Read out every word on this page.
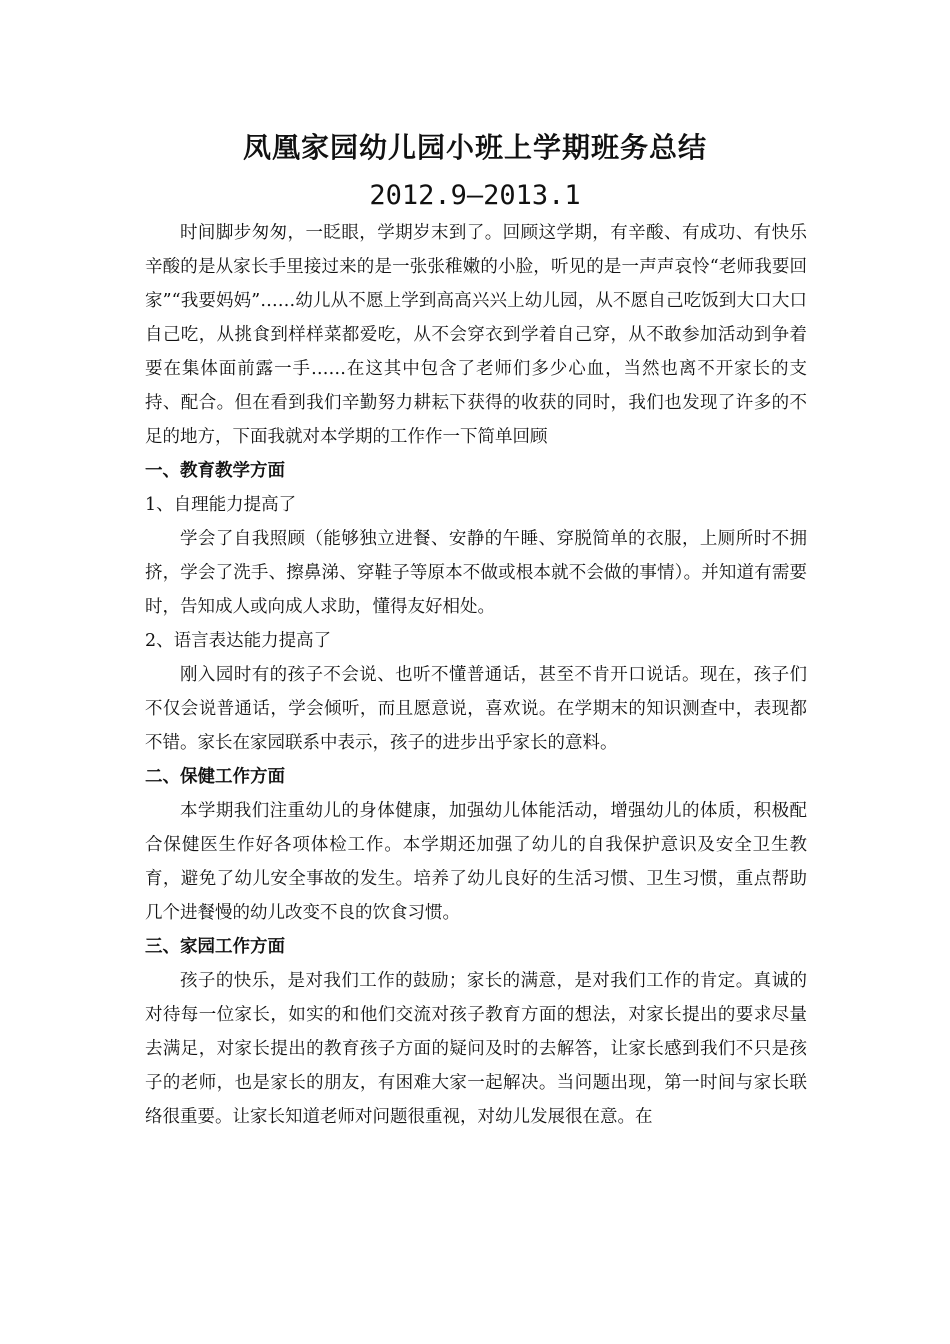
凤凰家园幼儿园小班上学期班务总结
2012.9—2013.1

时间脚步匆匆，一眨眼，学期岁末到了。回顾这学期，有辛酸、有成功、有快乐辛酸的是从家长手里接过来的是一张张稚嫩的小脸，听见的是一声声哀怜“老师我要回家”“我要妈妈”……幼儿从不愿上学到高高兴兴上幼儿园，从不愿自己吃饭到大口大口自己吃，从挑食到样样菜都爱吃，从不会穿衣到学着自己穿，从不敢参加活动到争着要在集体面前露一手……在这其中包含了老师们多少心血，当然也离不开家长的支持、配合。但在看到我们辛勤努力耕耘下获得的收获的同时，我们也发现了许多的不足的地方，下面我就对本学期的工作作一下简单回顾

一、教育教学方面

1、自理能力提高了

学会了自我照顾（能够独立进餐、安静的午睡、穿脱简单的衣服，上厕所时不拥挤，学会了洗手、擦鼻涕、穿鞋子等原本不做或根本就不会做的事情）。并知道有需要时，告知成人或向成人求助，懂得友好相处。

2、语言表达能力提高了

刚入园时有的孩子不会说、也听不懂普通话，甚至不肯开口说话。现在，孩子们不仅会说普通话，学会倾听，而且愿意说，喜欢说。在学期末的知识测查中，表现都不错。家长在家园联系中表示，孩子的进步出乎家长的意料。

二、保健工作方面

本学期我们注重幼儿的身体健康，加强幼儿体能活动，增强幼儿的体质，积极配合保健医生作好各项体检工作。本学期还加强了幼儿的自我保护意识及安全卫生教育，避免了幼儿安全事故的发生。培养了幼儿良好的生活习惯、卫生习惯，重点帮助几个进餐慢的幼儿改变不良的饮食习惯。

三、家园工作方面

孩子的快乐，是对我们工作的鼓励；家长的满意，是对我们工作的肯定。真诚的对待每一位家长，如实的和他们交流对孩子教育方面的想法，对家长提出的要求尽量去满足，对家长提出的教育孩子方面的疑问及时的去解答，让家长感到我们不只是孩子的老师，也是家长的朋友，有困难大家一起解决。当问题出现，第一时间与家长联络很重要。让家长知道老师对问题很重视，对幼儿发展很在意。在
